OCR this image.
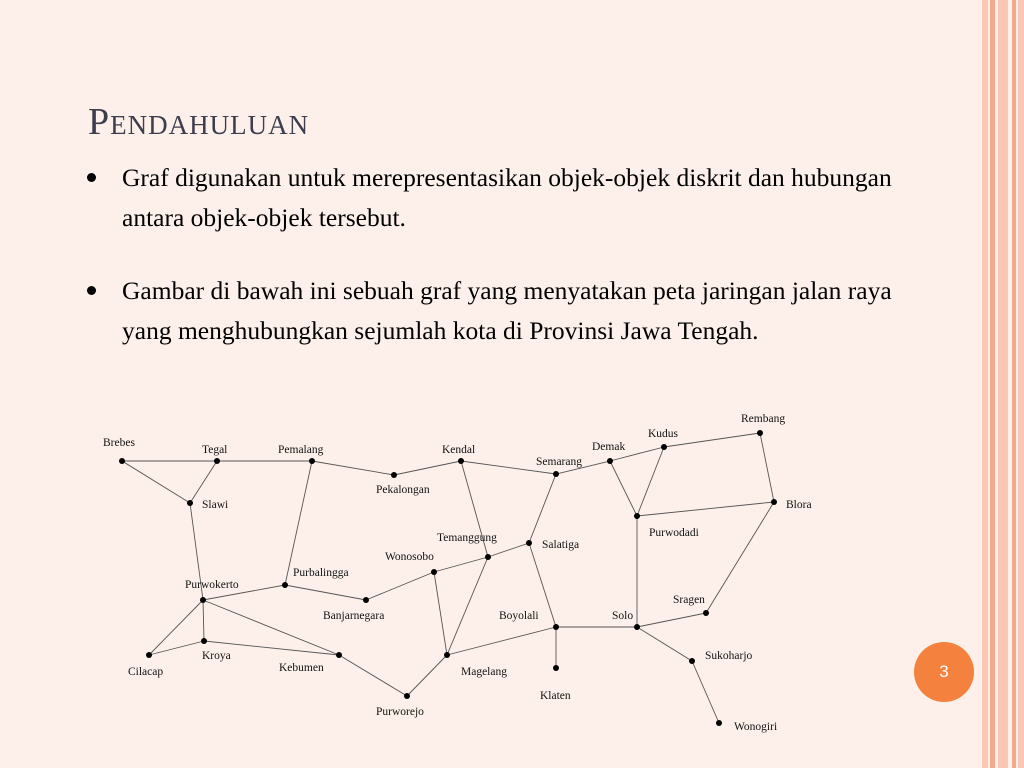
Pendahuluan
Graf digunakan untuk merepresentasikan objek-objek diskrit dan hubungan antara objek-objek tersebut.
Gambar di bawah ini sebuah graf yang menyatakan peta jaringan jalan raya yang menghubungkan sejumlah kota di Provinsi Jawa Tengah.
Brebes
Tegal
Slawi
Pemalang
Pekalongan
Kendal
Semarang
Demak
Kudus
Rembang
Blora
Purwodadi
Temanggung
Salatiga
Wonosobo
Purbalingga
Purwokerto
Banjarnegara
Cilacap
Kroya
Kebumen
Purworejo
Magelang
Boyolali
Klaten
Solo
Sragen
Sukoharjo
Wonogiri
3
